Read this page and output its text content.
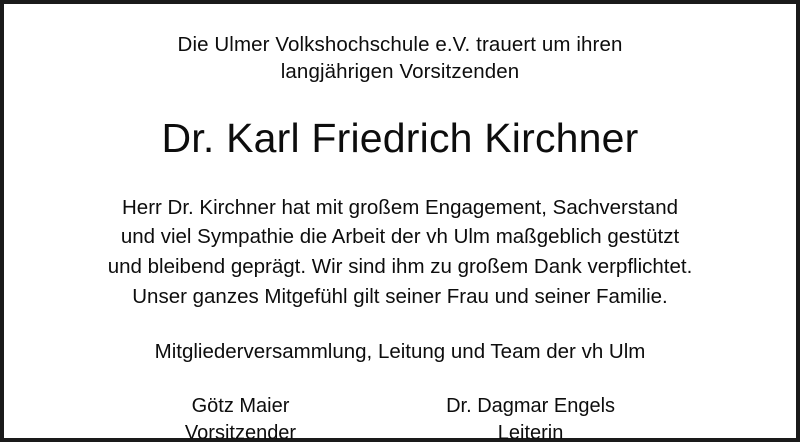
Die Ulmer Volkshochschule e.V. trauert um ihren
langjährigen Vorsitzenden

Dr. Karl Friedrich Kirchner

Herr Dr. Kirchner hat mit großem Engagement, Sachverstand
und viel Sympathie die Arbeit der vh Ulm maßgeblich gestützt
und bleibend geprägt. Wir sind ihm zu großem Dank verpflichtet.
Unser ganzes Mitgefühl gilt seiner Frau und seiner Familie.

Mitgliederversammlung, Leitung und Team der vh Ulm

Götz Maier
Vorsitzender
Dr. Dagmar Engels
Leiterin
